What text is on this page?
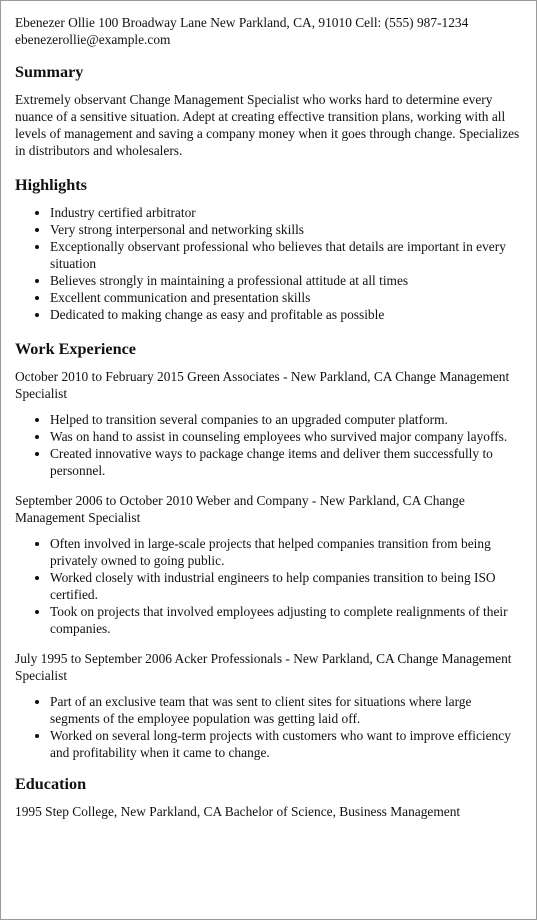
Ebenezer Ollie 100 Broadway Lane New Parkland, CA, 91010 Cell: (555) 987-1234 ebenezerollie@example.com
Summary

Extremely observant Change Management Specialist who works hard to determine every nuance of a sensitive situation. Adept at creating effective transition plans, working with all levels of management and saving a company money when it goes through change. Specializes in distributors and wholesalers.

Highlights
• Industry certified arbitrator
• Very strong interpersonal and networking skills
• Exceptionally observant professional who believes that details are important in every situation
• Believes strongly in maintaining a professional attitude at all times
• Excellent communication and presentation skills
• Dedicated to making change as easy and profitable as possible
Work Experience
October 2010 to February 2015 Green Associates - New Parkland, CA Change Management Specialist
• Helped to transition several companies to an upgraded computer platform.
• Was on hand to assist in counseling employees who survived major company layoffs.
• Created innovative ways to package change items and deliver them successfully to personnel.
September 2006 to October 2010 Weber and Company - New Parkland, CA Change Management Specialist
• Often involved in large-scale projects that helped companies transition from being privately owned to going public.
• Worked closely with industrial engineers to help companies transition to being ISO certified.
• Took on projects that involved employees adjusting to complete realignments of their companies.
July 1995 to September 2006 Acker Professionals - New Parkland, CA Change Management Specialist
• Part of an exclusive team that was sent to client sites for situations where large segments of the employee population was getting laid off.
• Worked on several long-term projects with customers who want to improve efficiency and profitability when it came to change.
Education
1995 Step College, New Parkland, CA Bachelor of Science, Business Management
